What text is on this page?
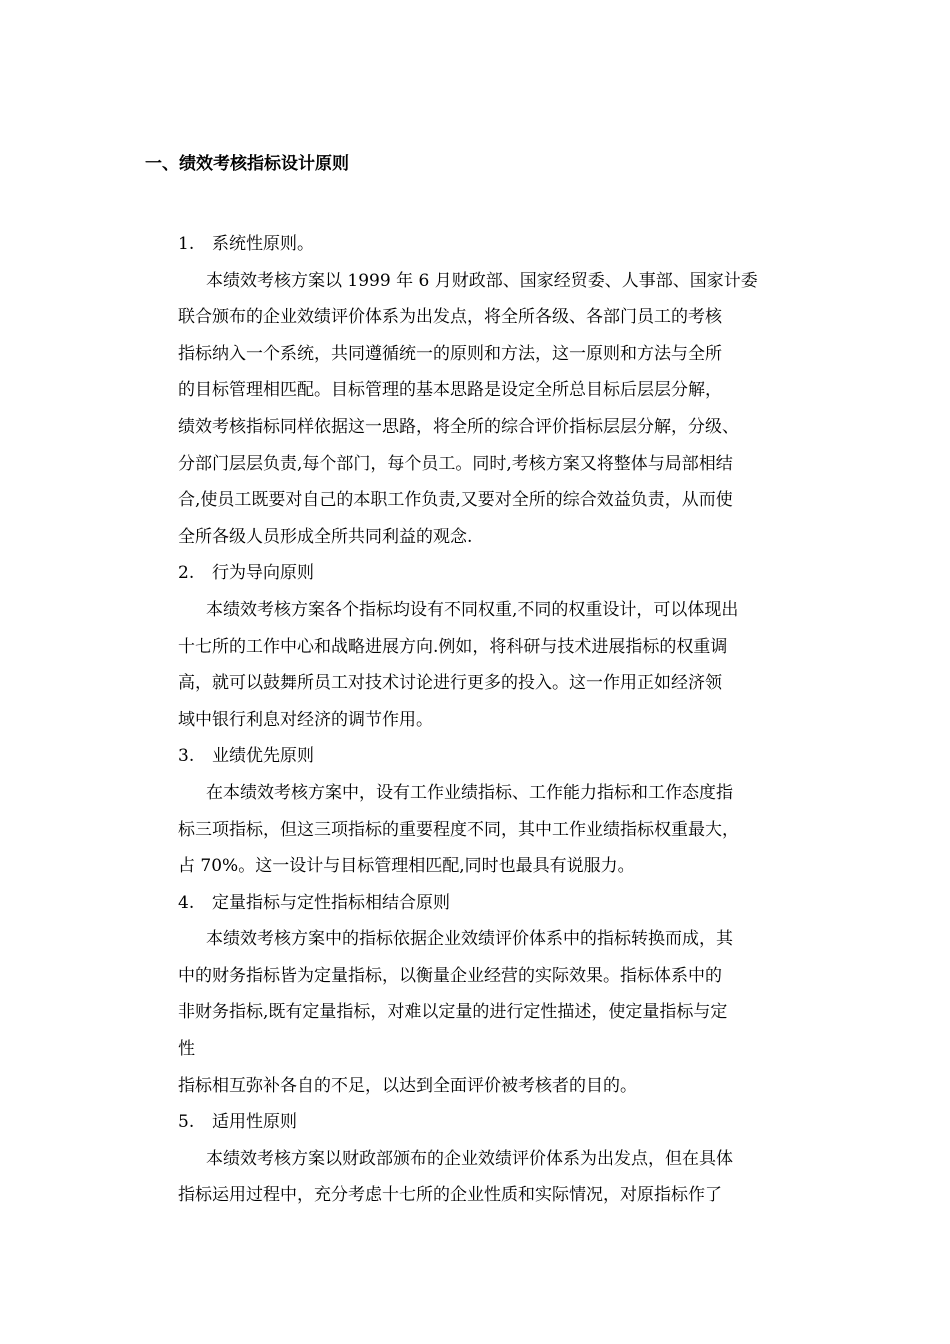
一、绩效考核指标设计原则
1. 系统性原则。
本绩效考核方案以 1999 年 6 月财政部、国家经贸委、人事部、国家计委
联合颁布的企业效绩评价体系为出发点，将全所各级、各部门员工的考核
指标纳入一个系统，共同遵循统一的原则和方法，这一原则和方法与全所
的目标管理相匹配。目标管理的基本思路是设定全所总目标后层层分解，
绩效考核指标同样依据这一思路，将全所的综合评价指标层层分解，分级、
分部门层层负责,每个部门，每个员工。同时,考核方案又将整体与局部相结
合,使员工既要对自己的本职工作负责,又要对全所的综合效益负责，从而使
全所各级人员形成全所共同利益的观念.
2. 行为导向原则
本绩效考核方案各个指标均设有不同权重,不同的权重设计，可以体现出
十七所的工作中心和战略进展方向.例如，将科研与技术进展指标的权重调
高，就可以鼓舞所员工对技术讨论进行更多的投入。这一作用正如经济领
域中银行利息对经济的调节作用。
3. 业绩优先原则
在本绩效考核方案中，设有工作业绩指标、工作能力指标和工作态度指
标三项指标，但这三项指标的重要程度不同，其中工作业绩指标权重最大，
占 70%。这一设计与目标管理相匹配,同时也最具有说服力。
4. 定量指标与定性指标相结合原则
本绩效考核方案中的指标依据企业效绩评价体系中的指标转换而成，其
中的财务指标皆为定量指标，以衡量企业经营的实际效果。指标体系中的
非财务指标,既有定量指标，对难以定量的进行定性描述，使定量指标与定
性
指标相互弥补各自的不足，以达到全面评价被考核者的目的。
5. 适用性原则
本绩效考核方案以财政部颁布的企业效绩评价体系为出发点，但在具体
指标运用过程中，充分考虑十七所的企业性质和实际情况，对原指标作了
